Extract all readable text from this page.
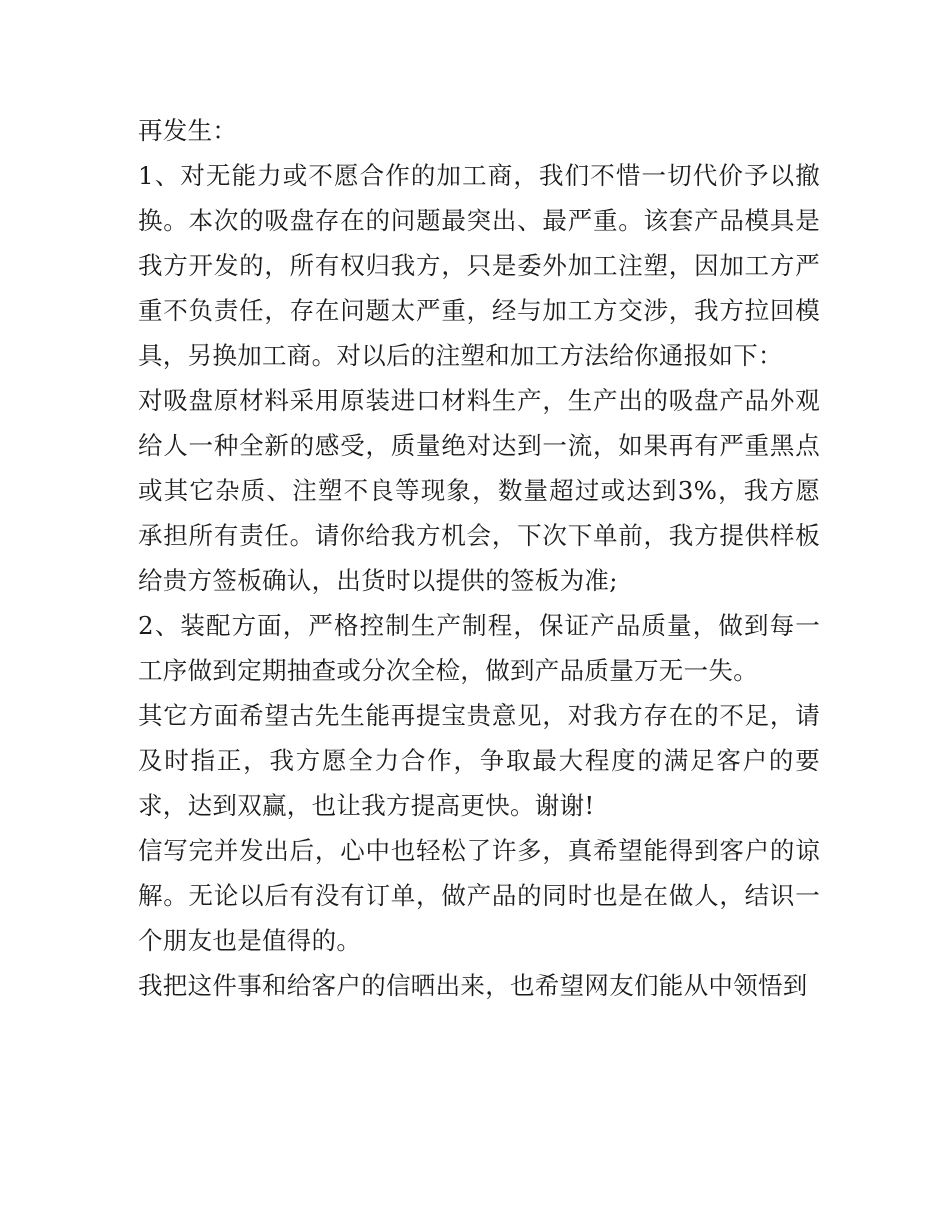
再发生：

1、对无能力或不愿合作的加工商，我们不惜一切代价予以撤换。本次的吸盘存在的问题最突出、最严重。该套产品模具是我方开发的，所有权归我方，只是委外加工注塑，因加工方严重不负责任，存在问题太严重，经与加工方交涉，我方拉回模具，另换加工商。对以后的注塑和加工方法给你通报如下：

对吸盘原材料采用原装进口材料生产，生产出的吸盘产品外观给人一种全新的感受，质量绝对达到一流，如果再有严重黑点或其它杂质、注塑不良等现象，数量超过或达到3%，我方愿承担所有责任。请你给我方机会，下次下单前，我方提供样板给贵方签板确认，出货时以提供的签板为准;

2、装配方面，严格控制生产制程，保证产品质量，做到每一工序做到定期抽查或分次全检，做到产品质量万无一失。

其它方面希望古先生能再提宝贵意见，对我方存在的不足，请及时指正，我方愿全力合作，争取最大程度的满足客户的要求，达到双赢，也让我方提高更快。谢谢!

信写完并发出后，心中也轻松了许多，真希望能得到客户的谅解。无论以后有没有订单，做产品的同时也是在做人，结识一个朋友也是值得的。

我把这件事和给客户的信晒出来，也希望网友们能从中领悟到
